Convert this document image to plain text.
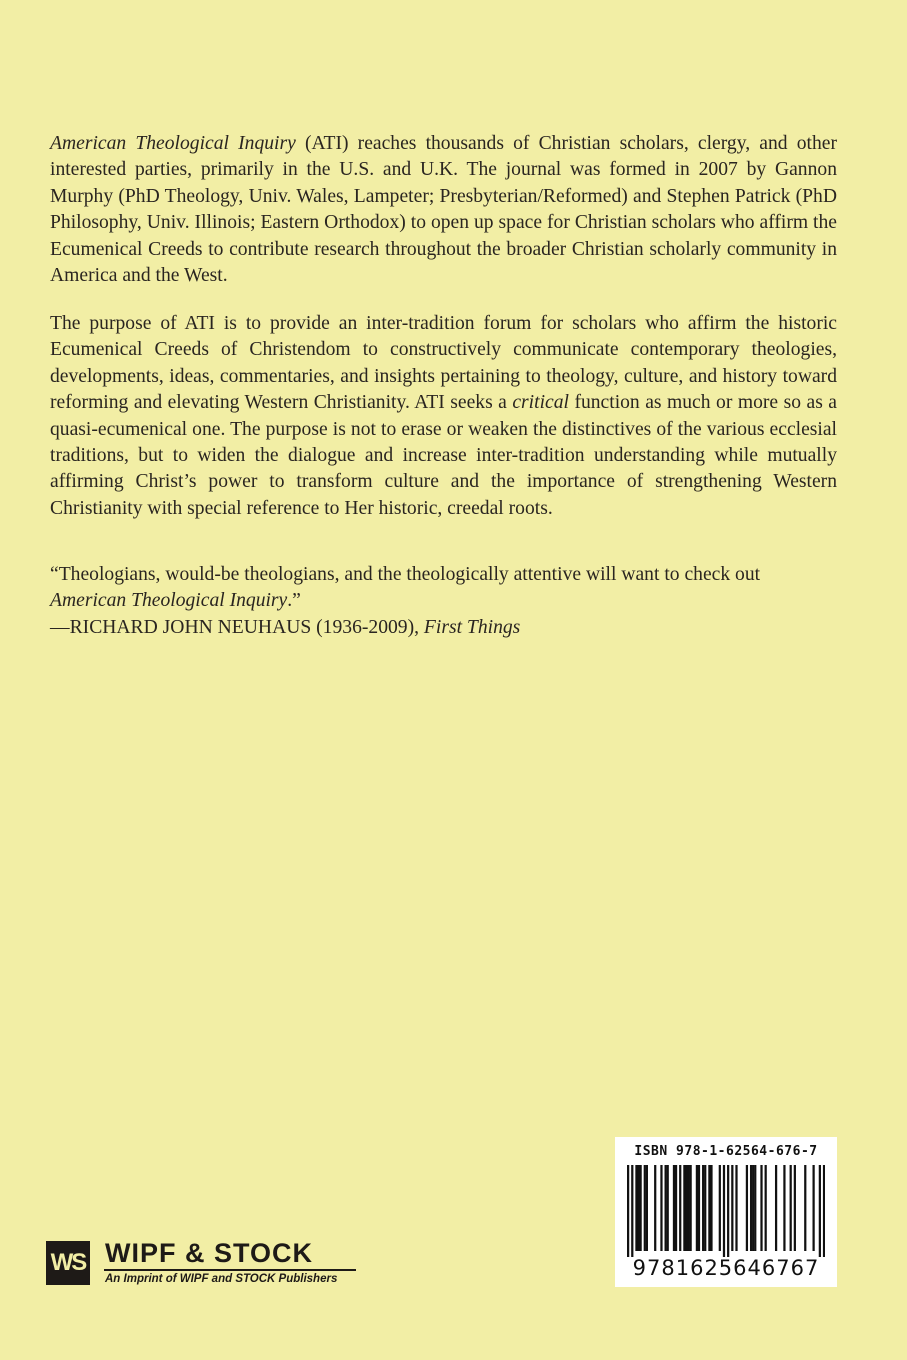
American Theological Inquiry (ATI) reaches thousands of Christian scholars, clergy, and other interested parties, primarily in the U.S. and U.K. The journal was formed in 2007 by Gannon Murphy (PhD Theology, Univ. Wales, Lampeter; Presbyterian/Reformed) and Stephen Patrick (PhD Philosophy, Univ. Illinois; Eastern Orthodox) to open up space for Christian scholars who affirm the Ecumenical Creeds to contribute research throughout the broader Christian scholarly community in America and the West.

The purpose of ATI is to provide an inter-tradition forum for scholars who affirm the historic Ecumenical Creeds of Christendom to constructively communicate contemporary theologies, developments, ideas, commentaries, and insights pertaining to theology, culture, and history toward reforming and elevating Western Christianity. ATI seeks a critical function as much or more so as a quasi-ecumenical one. The purpose is not to erase or weaken the distinctives of the various ecclesial traditions, but to widen the dialogue and increase inter-tradition understanding while mutually affirming Christ’s power to transform culture and the importance of strengthening Western Christianity with special reference to Her historic, creedal roots.

“Theologians, would-be theologians, and the theologically attentive will want to check out
American Theological Inquiry.”
—RICHARD JOHN NEUHAUS (1936-2009), First Things
WS WIPF & STOCK
An Imprint of WIPF and STOCK Publishers
ISBN 978-1-62564-676-7
9781625646767
